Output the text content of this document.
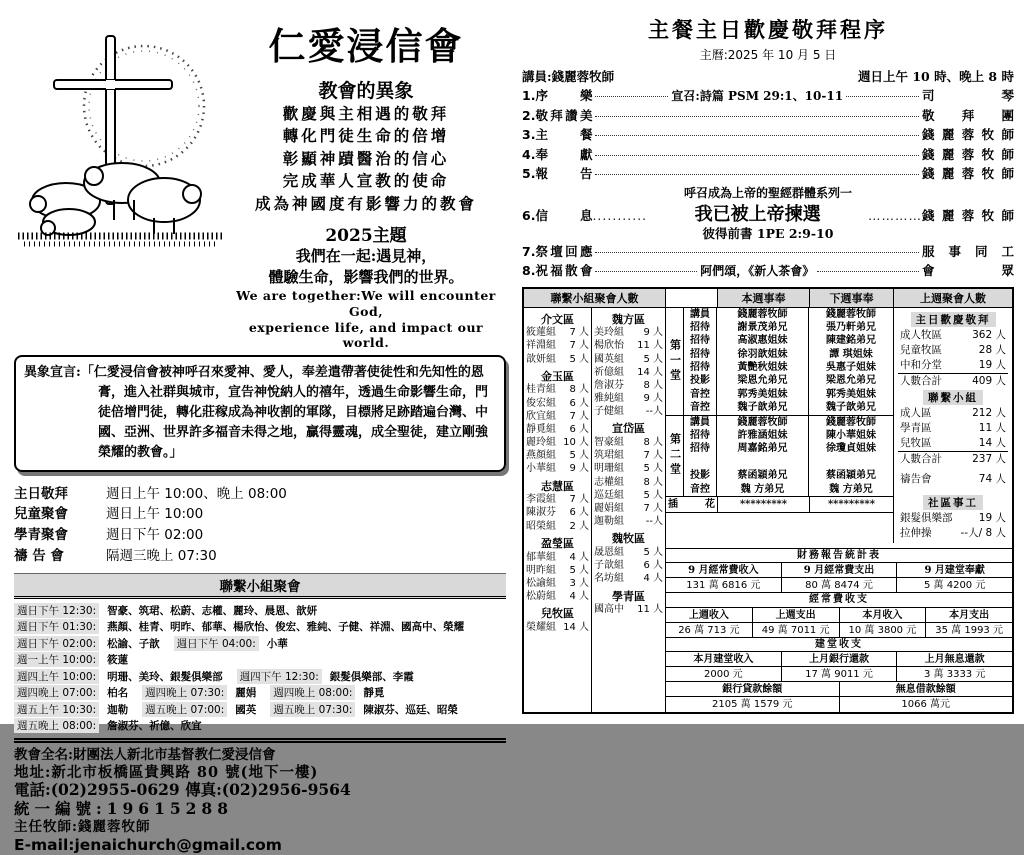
仁愛浸信會
教會的異象
歡慶與主相遇的敬拜
轉化門徒生命的倍增
彰顯神蹟醫治的信心
完成華人宣教的使命
成為神國度有影響力的教會
2025主題
我們在一起:遇見神，
體驗生命，影響我們的世界。
We are together:We will encounter God,
experience life, and impact our world.

異象宣言:「仁愛浸信會被神呼召來愛神、愛人，奉差遣帶著使徒性和先知性的恩膏，進入社群與城市，宣告神悅納人的禧年，透過生命影響生命，門徒倍增門徒，轉化莊稼成為神收割的軍隊，目標將足跡踏遍台灣、中國、亞洲、世界許多福音未得之地，贏得靈魂，成全聖徒，建立剛強榮耀的教會。」

主日敬拜	週日上午 10:00、晚上 08:00
兒童聚會	週日上午 10:00
學青聚會	週日下午 02:00
禱 告 會	隔週三晚上 07:30
聯繫小組聚會
週日下午 12:30: 智豪、筑珺、松蔚、志權、麗玲、晨恩、歆妍
週日下午 01:30: 燕顏、桂青、明昨、郁華、楊欣怡、俊宏、雅純、子健、祥淵、國高中、榮耀
週日下午 02:00: 松諭、子歆 週日下午 04:00: 小華
週一上午 10:00: 筱蓮
週四上午 10:00: 明珊、美玲、銀髮俱樂部 週四下午 12:30: 銀髮俱樂部、李霞
週四晚上 07:00: 柏名 週四晚上 07:30: 麗娟 週四晚上 08:00: 靜覓
週五上午 10:30: 迦勒 週五晚上 07:00: 國英 週五晚上 07:30: 陳淑芬、巡廷、昭榮
週五晚上 08:00: 詹淑芬、祈億、欣宜
教會全名:財團法人新北市基督教仁愛浸信會
地址:新北市板橋區貴興路 80 號(地下一樓)
電話:(02)2955-0629 傳真:(02)2956-9564
統一編號:19615288
主任牧師:錢麗蓉牧師
E-mail:jenaichurch@gmail.com
主餐主日歡慶敬拜程序
主曆:2025 年 10 月 5 日
講員:錢麗蓉牧師	週日上午 10 時、晚上 8 時
1. 序樂	宣召:詩篇 PSM 29:1、10-11	司琴
2. 敬拜讚美	敬拜團
3. 主餐	錢麗蓉牧師
4. 奉獻	錢麗蓉牧師
5. 報告	錢麗蓉牧師
呼召成為上帝的聖經群體系列一
6. 信息 ...........	我已被上帝揀選	………… 錢麗蓉牧師
彼得前書 1PE 2:9-10
7. 祭壇回應	服事同工
8. 祝福散會	阿們頌，《新人茶會》	會眾
聯繫小組聚會人數	本週事奉	下週事奉	上週聚會人數
介文區
筱蓮組 7 人
祥淵組 7 人
歆妍組 5 人
金玉區
桂青組 8 人
俊宏組 6 人
欣宜組 7 人
靜覓組 6 人
麗玲組 10 人
燕顏組 5 人
小華組 9 人
志慧區
李霞組 7 人
陳淑芬 6 人
昭榮組 2 人
盈瑩區
郁華組 4 人
明昨組 5 人
松諭組 3 人
松蔚組 4 人
兒牧區
榮耀組 14 人
魏方區
美玲組 9 人
楊欣怡 11 人
國英組 5 人
祈億組 14 人
詹淑芬 8 人
雅純組 9 人
子健組 --人
宣岱區
智豪組 8 人
筑珺組 7 人
明珊組 5 人
志權組 8 人
巡廷組 5 人
麗娟組 7 人
迦勒組 --人
魏牧區
晟恩組 5 人
子歆組 6 人
名坊組 4 人
學青區
國高中 11 人
第一堂
講員	錢麗蓉牧師	錢麗蓉牧師
招待	謝景茂弟兄	張乃軒弟兄
招待	高淑惠姐妹	陳建銘弟兄
招待	徐羽歆姐妹	譚 琪姐妹
招待	黃艷秋姐妹	吳惠子姐妹
投影	梁恩允弟兄	梁恩允弟兄
音控	郭秀美姐妹	郭秀美姐妹
音控	魏子歆弟兄	魏子歆弟兄
第二堂
講員	錢麗蓉牧師	錢麗蓉牧師
招待	許雅涵姐妹	陳小華姐妹
招待	周嘉銘弟兄	徐瓊貞姐妹
投影	蔡函穎弟兄	蔡函穎弟兄
音控	魏 方弟兄	魏 方弟兄
插花	*********	*********
主日歡慶敬拜
成人牧區	362 人
兒童牧區	28 人
中和分堂	19 人
人數合計	409 人
聯繫小組
成人區	212 人
學青區	11 人
兒牧區	14 人
人數合計	237 人
禱告會	74 人
社區事工
銀髮俱樂部	19 人
拉伸操	--人/ 8 人
財務報告統計表
9 月經常費收入	9 月經常費支出	9 月建堂奉獻
131 萬 6816 元	80 萬 8474 元	5 萬 4200 元
經常費收支
上週收入	上週支出	本月收入	本月支出
26 萬 713 元	49 萬 7011 元	10 萬 3800 元	35 萬 1993 元
建堂收支
本月建堂收入	上月銀行還款	上月無息還款
2000 元	17 萬 9011 元	3 萬 3333 元
銀行貸款餘額	無息借款餘額
2105 萬 1579 元	1066 萬元
